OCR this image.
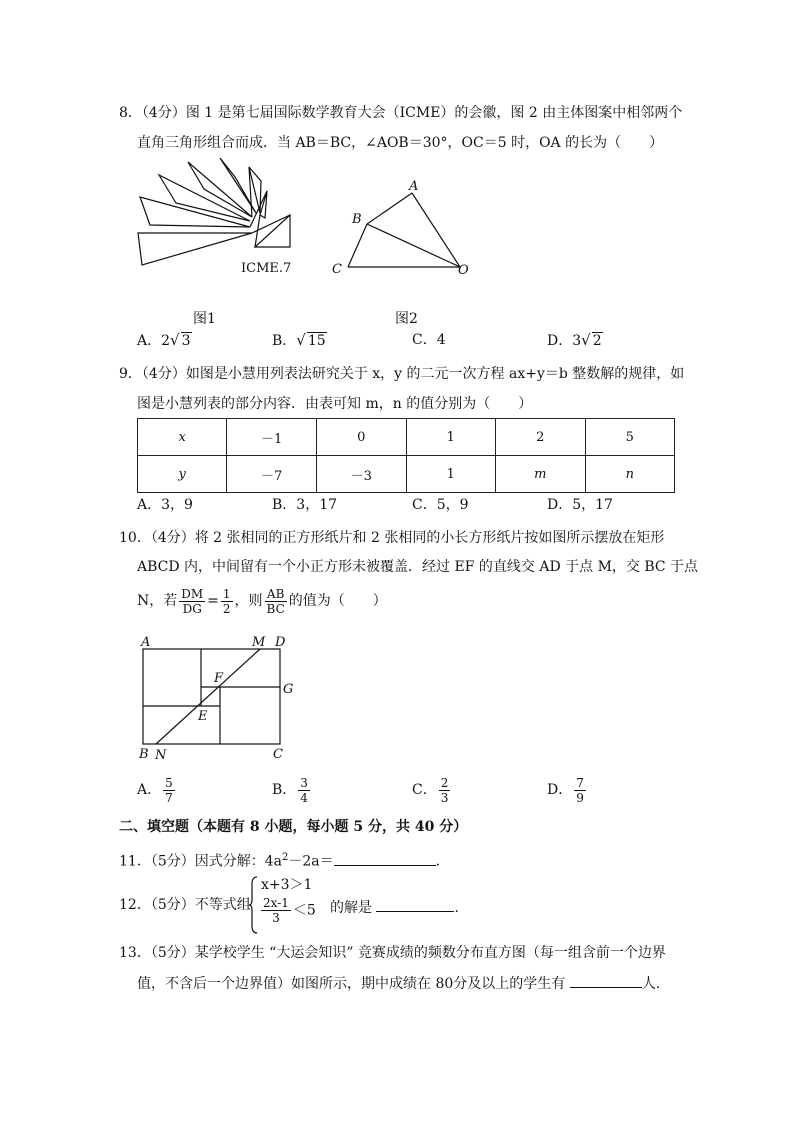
8．（4分）图 1 是第七届国际数学教育大会（ICME）的会徽，图 2 由主体图案中相邻两个
直角三角形组合而成．当 AB＝BC，∠AOB＝30°，OC＝5 时，OA 的长为（　　）
ICME.7
A
B
C	O
图1	图2
A．2√ 3	B．√ 15	C．4	D．3√ 2
9．（4分）如图是小慧用列表法研究关于 x，y 的二元一次方程 ax+y＝b 整数解的规律，如
图是小慧列表的部分内容．由表可知 m，n 的值分别为（　　）
x	－1	0	1	2	5
y	－7	－3	1	m	n
A．3，9	B．3，17	C．5，9	D．5，17
10．（4分）将 2 张相同的正方形纸片和 2 张相同的小长方形纸片按如图所示摆放在矩形
ABCD 内，中间留有一个小正方形未被覆盖．经过 EF 的直线交 AD 于点 M，交 BC 于点
N，若 $\frac{DM}{DG} = \frac{1}{2}$ ，则 $\frac{AB}{BC}$ 的值为（　　）
A	M D
F
G
E
B N	C
A． $\frac{5}{7}$	B． $\frac{3}{4}$	C． $\frac{2}{3}$	D． $\frac{7}{9}$
二、填空题（本题有 8 小题，每小题 5 分，共 40 分）
11．（5分）因式分解：$4a^2-2a=$	．
12．（5分）不等式组
x+3＞1
$\frac{2x-1}{3} <5$ 的解是	．
13．（5分）某学校学生 “大运会知识” 竞赛成绩的频数分布直方图（每一组含前一个边界
值，不含后一个边界值）如图所示，期中成绩在 80分及以上的学生有	人．
